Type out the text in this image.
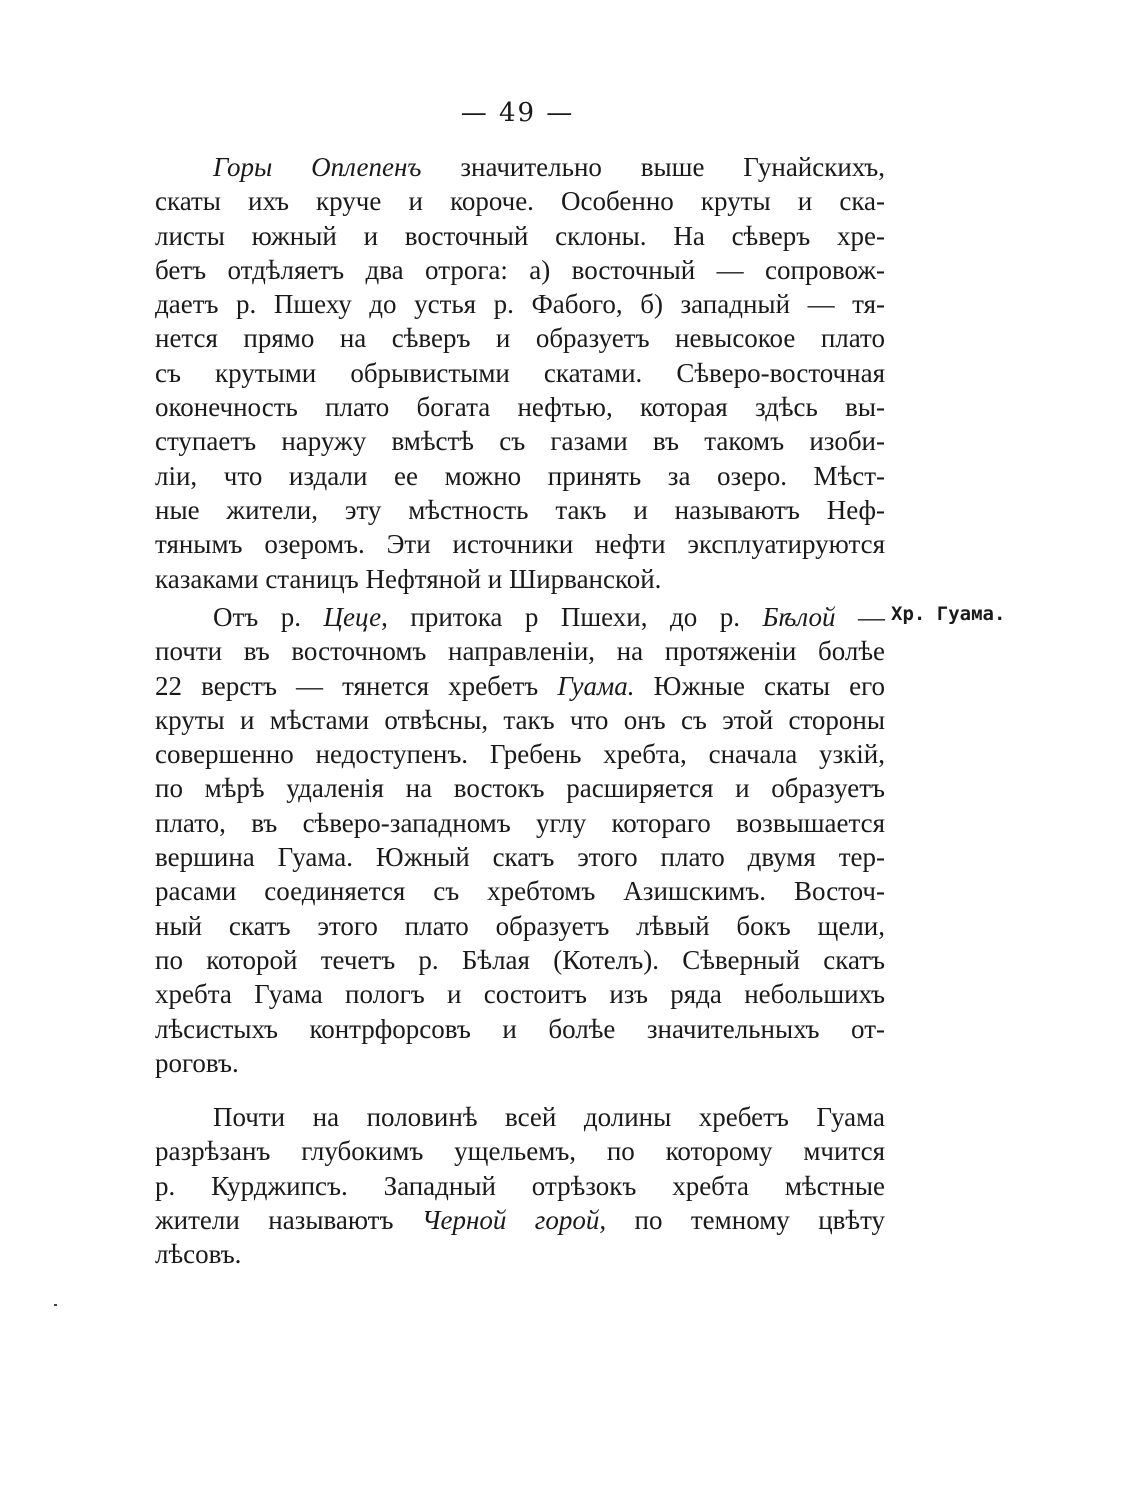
— 49 —
Горы Оплепенъ значительно выше Гунайскихъ,
скаты ихъ круче и короче. Особенно круты и ска-
листы южный и восточный склоны. На сѣверъ хре-
бетъ отдѣляетъ два отрога: а) восточный — сопровож-
даетъ р. Пшеху до устья р. Фабого, б) западный — тя-
нется прямо на сѣверъ и образуетъ невысокое плато
съ крутыми обрывистыми скатами. Сѣверо-восточная
оконечность плато богата нефтью, которая здѣсь вы-
ступаетъ наружу вмѣстѣ съ газами въ такомъ изоби-
ліи, что издали ее можно принять за озеро. Мѣст-
ные жители, эту мѣстность такъ и называютъ Неф-
тянымъ озеромъ. Эти источники нефти эксплуатируются
казаками станицъ Нефтяной и Ширванской.
Отъ р. Цеце, притока р Пшехи, до р. Бѣлой —
почти въ восточномъ направленіи, на протяженіи болѣе
22 верстъ — тянется хребетъ Гуама. Южные скаты его
круты и мѣстами отвѣсны, такъ что онъ съ этой стороны
совершенно недоступенъ. Гребень хребта, сначала узкій,
по мѣрѣ удаленія на востокъ расширяется и образуетъ
плато, въ сѣверо-западномъ углу котораго возвышается
вершина Гуама. Южный скатъ этого плато двумя тер-
расами соединяется съ хребтомъ Азишскимъ. Восточ-
ный скатъ этого плато образуетъ лѣвый бокъ щели,
по которой течетъ р. Бѣлая (Котелъ). Сѣверный скатъ
хребта Гуама пологъ и состоитъ изъ ряда небольшихъ
лѣсистыхъ контрфорсовъ и болѣе значительныхъ от-
роговъ.
Хр. Гуама.
Почти на половинѣ всей долины хребетъ Гуама
разрѣзанъ глубокимъ ущельемъ, по которому мчится
р. Курджипсъ. Западный отрѣзокъ хребта мѣстные
жители называютъ Черной горой, по темному цвѣту
лѣсовъ.
